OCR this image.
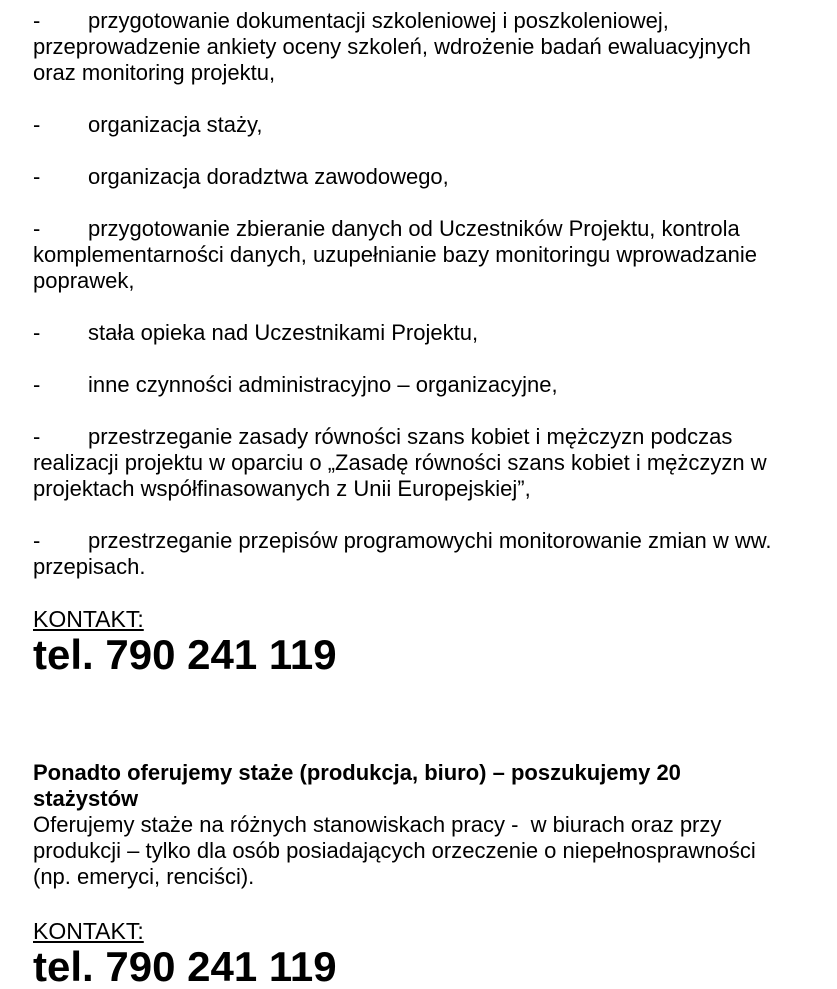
- przygotowanie dokumentacji szkoleniowej i poszkoleniowej, przeprowadzenie ankiety oceny szkoleń, wdrożenie badań ewaluacyjnych oraz monitoring projektu,

- organizacja staży,

- organizacja doradztwa zawodowego,

- przygotowanie zbieranie danych od Uczestników Projektu, kontrola komplementarności danych, uzupełnianie bazy monitoringu wprowadzanie poprawek,

- stała opieka nad Uczestnikami Projektu,

- inne czynności administracyjno – organizacyjne,

- przestrzeganie zasady równości szans kobiet i mężczyzn podczas realizacji projektu w oparciu o „Zasadę równości szans kobiet i mężczyzn w projektach współfinasowanych z Unii Europejskiej”,

- przestrzeganie przepisów programowychi monitorowanie zmian w ww. przepisach.

KONTAKT:

tel. 790 241 119

Ponadto oferujemy staże (produkcja, biuro) – poszukujemy 20 stażystów

Oferujemy staże na różnych stanowiskach pracy -  w biurach oraz przy produkcji – tylko dla osób posiadających orzeczenie o niepełnosprawności (np. emeryci, renciści).

KONTAKT:

tel. 790 241 119
